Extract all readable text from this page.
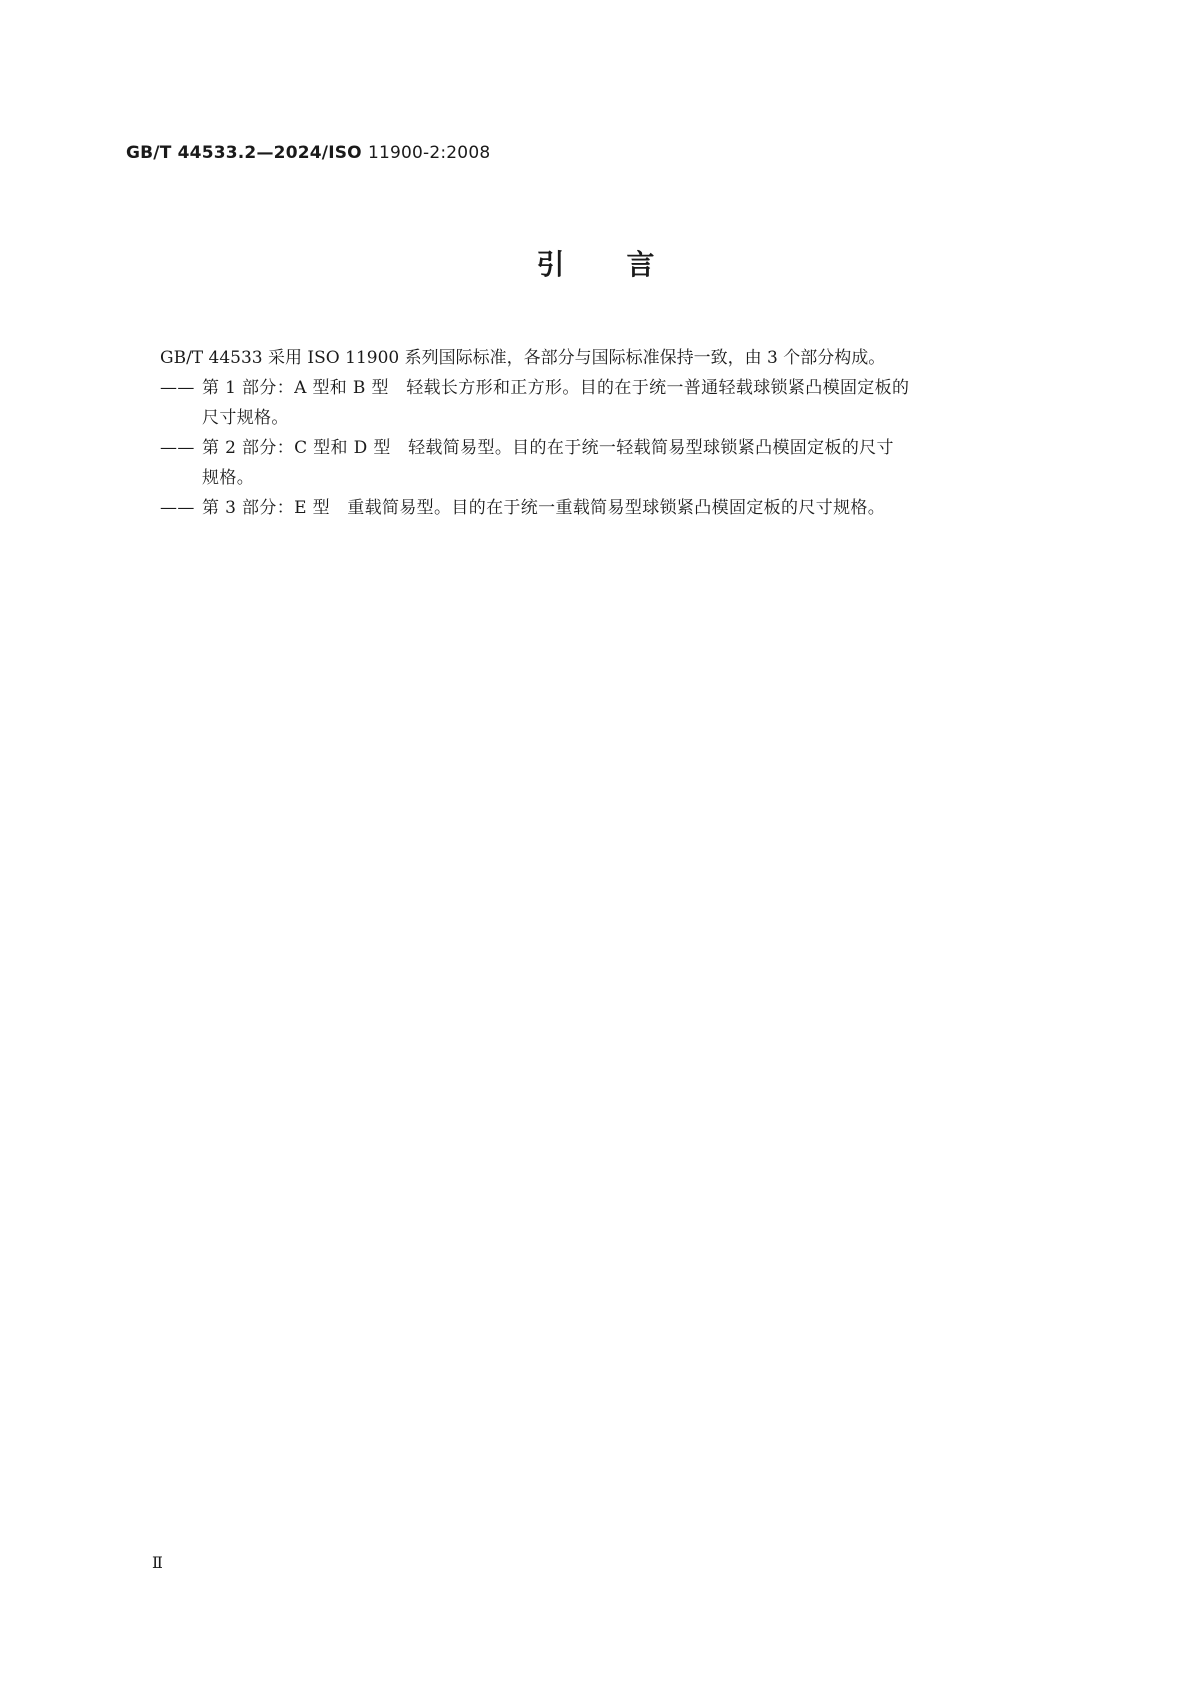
GB/T 44533.2—2024/ISO 11900-2:2008
引言

GB/T 44533 采用 ISO 11900 系列国际标准，各部分与国际标准保持一致，由 3 个部分构成。

—— 第 1 部分：A 型和 B 型　轻载长方形和正方形。目的在于统一普通轻载球锁紧凸模固定板的
尺寸规格。
—— 第 2 部分：C 型和 D 型　轻载简易型。目的在于统一轻载简易型球锁紧凸模固定板的尺寸
规格。
—— 第 3 部分：E 型　重载简易型。目的在于统一重载简易型球锁紧凸模固定板的尺寸规格。
Ⅱ
